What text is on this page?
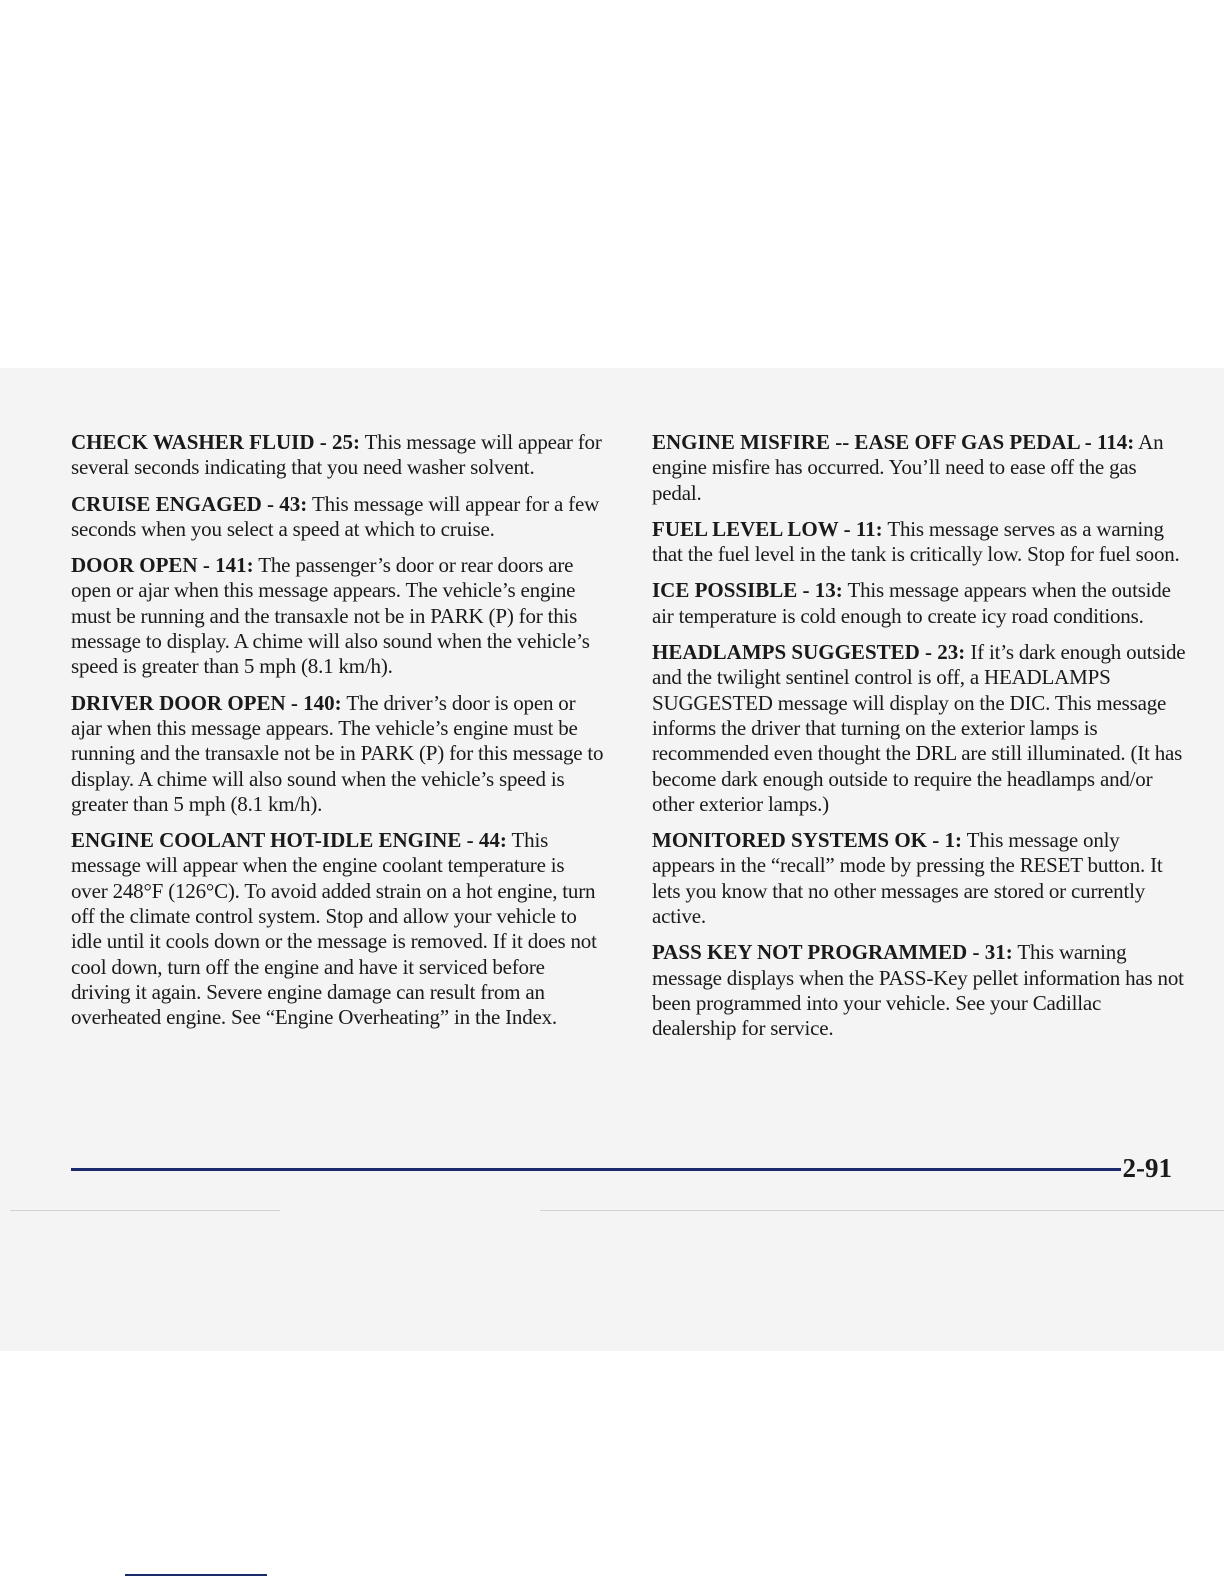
CHECK WASHER FLUID - 25: This message will appear for several seconds indicating that you need washer solvent.

CRUISE ENGAGED - 43: This message will appear for a few seconds when you select a speed at which to cruise.

DOOR OPEN - 141: The passenger’s door or rear doors are open or ajar when this message appears. The vehicle’s engine must be running and the transaxle not be in PARK (P) for this message to display. A chime will also sound when the vehicle’s speed is greater than 5 mph (8.1 km/h).

DRIVER DOOR OPEN - 140: The driver’s door is open or ajar when this message appears. The vehicle’s engine must be running and the transaxle not be in PARK (P) for this message to display. A chime will also sound when the vehicle’s speed is greater than 5 mph (8.1 km/h).

ENGINE COOLANT HOT-IDLE ENGINE - 44: This message will appear when the engine coolant temperature is over 248°F (126°C). To avoid added strain on a hot engine, turn off the climate control system. Stop and allow your vehicle to idle until it cools down or the message is removed. If it does not cool down, turn off the engine and have it serviced before driving it again. Severe engine damage can result from an overheated engine. See “Engine Overheating” in the Index.

ENGINE MISFIRE -- EASE OFF GAS PEDAL - 114: An engine misfire has occurred. You’ll need to ease off the gas pedal.

FUEL LEVEL LOW - 11: This message serves as a warning that the fuel level in the tank is critically low. Stop for fuel soon.

ICE POSSIBLE - 13: This message appears when the outside air temperature is cold enough to create icy road conditions.

HEADLAMPS SUGGESTED - 23: If it’s dark enough outside and the twilight sentinel control is off, a HEADLAMPS SUGGESTED message will display on the DIC. This message informs the driver that turning on the exterior lamps is recommended even thought the DRL are still illuminated. (It has become dark enough outside to require the headlamps and/or other exterior lamps.)

MONITORED SYSTEMS OK - 1: This message only appears in the “recall” mode by pressing the RESET button. It lets you know that no other messages are stored or currently active.

PASS KEY NOT PROGRAMMED - 31: This warning message displays when the PASS-Key pellet information has not been programmed into your vehicle. See your Cadillac dealership for service.

2-91
